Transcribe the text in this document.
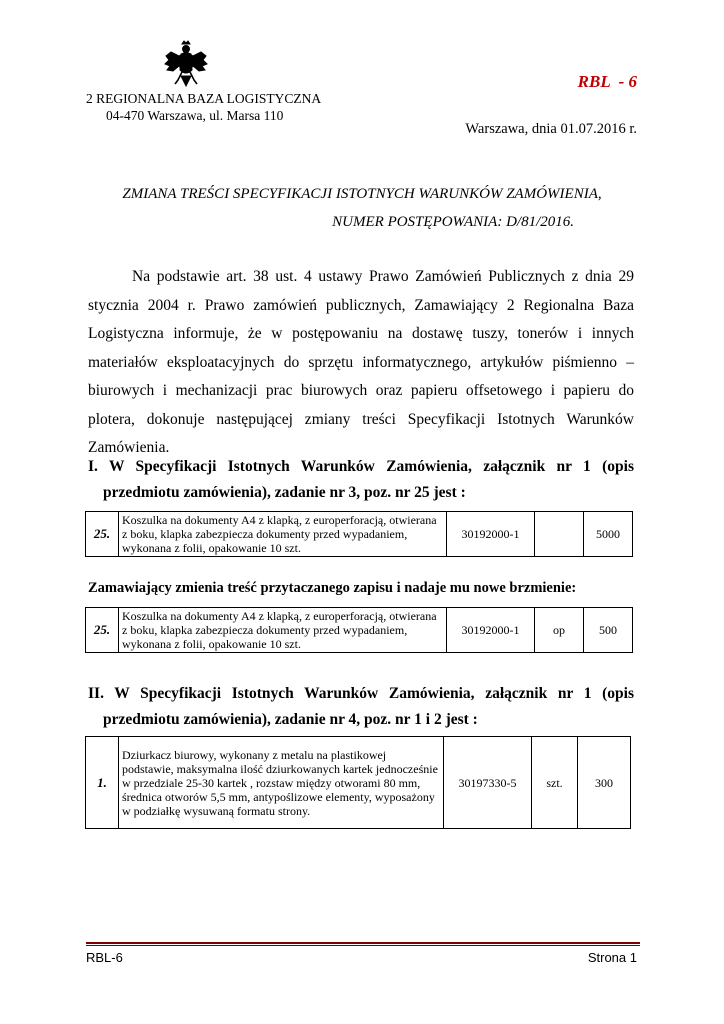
2 REGIONALNA BAZA LOGISTYCZNA
04-470 Warszawa, ul. Marsa 110
RBL  - 6
Warszawa, dnia 01.07.2016 r.
ZMIANA TREŚCI SPECYFIKACJI ISTOTNYCH WARUNKÓW ZAMÓWIENIA,
NUMER POSTĘPOWANIA: D/81/2016.
Na podstawie art. 38 ust. 4 ustawy Prawo Zamówień Publicznych z dnia 29 stycznia 2004 r. Prawo zamówień publicznych, Zamawiający 2 Regionalna Baza Logistyczna informuje, że w postępowaniu na dostawę tuszy, tonerów i innych materiałów eksploatacyjnych do sprzętu informatycznego, artykułów piśmienno – biurowych i mechanizacji prac biurowych oraz papieru offsetowego i papieru do plotera, dokonuje następującej zmiany treści Specyfikacji Istotnych Warunków Zamówienia.
I. W Specyfikacji Istotnych Warunków Zamówienia, załącznik nr 1 (opis
przedmiotu zamówienia), zadanie nr 3, poz. nr 25 jest :
25.	Koszulka na dokumenty A4 z klapką, z europerforacją, otwierana z boku, klapka zabezpiecza dokumenty przed wypadaniem, wykonana z folii, opakowanie 10 szt.	30192000-1		5000
Zamawiający zmienia treść przytaczanego zapisu i nadaje mu nowe brzmienie:
25.	Koszulka na dokumenty A4 z klapką, z europerforacją, otwierana z boku, klapka zabezpiecza dokumenty przed wypadaniem, wykonana z folii, opakowanie 10 szt.	30192000-1	op	500
II. W Specyfikacji Istotnych Warunków Zamówienia, załącznik nr 1 (opis
przedmiotu zamówienia), zadanie nr 4, poz. nr 1 i 2 jest :
1.	Dziurkacz biurowy, wykonany z metalu na plastikowej podstawie, maksymalna ilość dziurkowanych kartek jednocześnie w przedziale 25-30 kartek , rozstaw między otworami 80 mm, średnica otworów 5,5 mm, antypoślizowe elementy, wyposażony w podziałkę wysuwaną formatu strony.	30197330-5	szt.	300
RBL-6	Strona 1
